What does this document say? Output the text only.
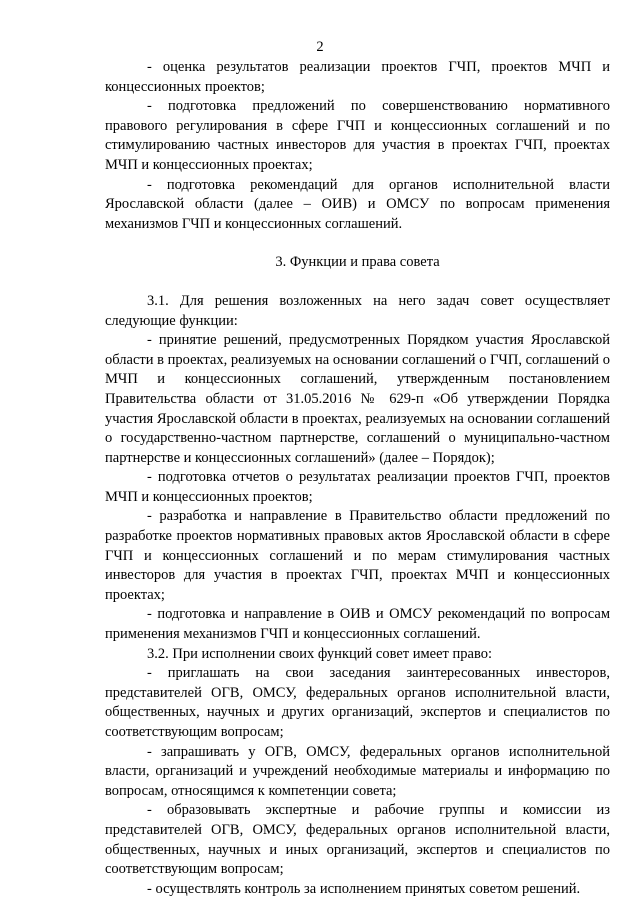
2

- оценка результатов реализации проектов ГЧП, проектов МЧП и концессионных проектов;

- подготовка предложений по совершенствованию нормативного правового регулирования в сфере ГЧП и концессионных соглашений и по стимулированию частных инвесторов для участия в проектах ГЧП, проектах МЧП и концессионных проектах;

- подготовка рекомендаций для органов исполнительной власти Ярославской области (далее – ОИВ) и ОМСУ по вопросам применения механизмов ГЧП и концессионных соглашений.

3. Функции и права совета

3.1. Для решения возложенных на него задач совет осуществляет следующие функции:

- принятие решений, предусмотренных Порядком участия Ярославской области в проектах, реализуемых на основании соглашений о ГЧП, соглашений о МЧП и концессионных соглашений, утвержденным постановлением Правительства области от 31.05.2016 № 629-п «Об утверждении Порядка участия Ярославской области в проектах, реализуемых на основании соглашений о государственно-частном партнерстве, соглашений о муниципально-частном партнерстве и концессионных соглашений» (далее – Порядок);

- подготовка отчетов о результатах реализации проектов ГЧП, проектов МЧП и концессионных проектов;

- разработка и направление в Правительство области предложений по разработке проектов нормативных правовых актов Ярославской области в сфере ГЧП и концессионных соглашений и по мерам стимулирования частных инвесторов для участия в проектах ГЧП, проектах МЧП и концессионных проектах;

- подготовка и направление в ОИВ и ОМСУ рекомендаций по вопросам применения механизмов ГЧП и концессионных соглашений.

3.2. При исполнении своих функций совет имеет право:

- приглашать на свои заседания заинтересованных инвесторов, представителей ОГВ, ОМСУ, федеральных органов исполнительной власти, общественных, научных и других организаций, экспертов и специалистов по соответствующим вопросам;

- запрашивать у ОГВ, ОМСУ, федеральных органов исполнительной власти, организаций и учреждений необходимые материалы и информацию по вопросам, относящимся к компетенции совета;

- образовывать экспертные и рабочие группы и комиссии из представителей ОГВ, ОМСУ, федеральных органов исполнительной власти, общественных, научных и иных организаций, экспертов и специалистов по соответствующим вопросам;

- осуществлять контроль за исполнением принятых советом решений.
